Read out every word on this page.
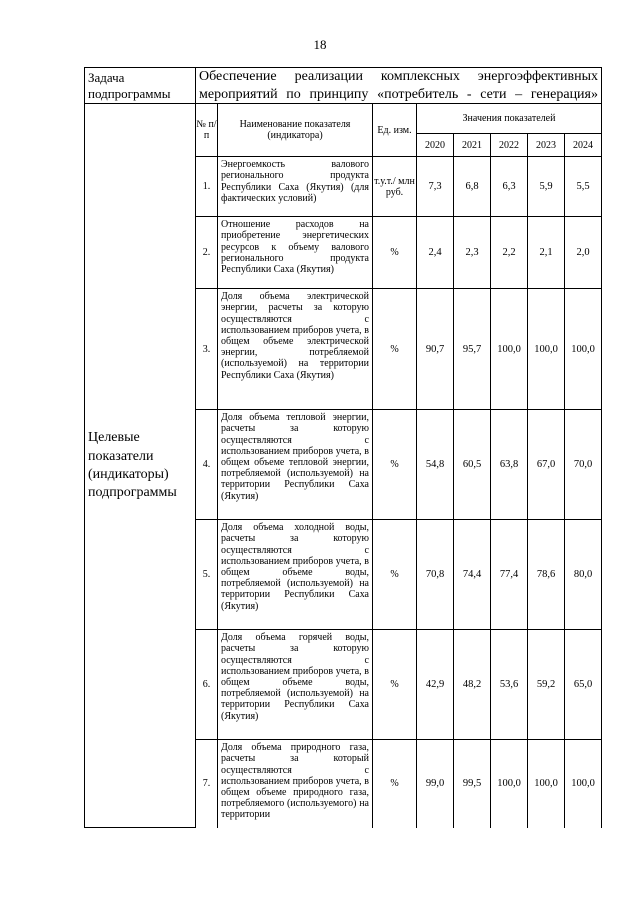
18
Задача подпрограммы	Обеспечение реализации комплексных энергоэффективных мероприятий по принципу «потребитель - сети – генерация»							
Целевые показатели (индикаторы) подпрограммы	№ п/п	Наименование показателя (индикатора)	Ед. изм.	Значения показателей				
				2020	2021	2022	2023	2024
	1.	Энергоемкость валового регионального продукта Республики Саха (Якутия) (для фактических условий)	т.у.т./ млн руб.	7,3	6,8	6,3	5,9	5,5
	2.	Отношение расходов на приобретение энергетических ресурсов к объему валового регионального продукта Республики Саха (Якутия)	%	2,4	2,3	2,2	2,1	2,0
	3.	Доля объема электрической энергии, расчеты за которую осуществляются с использованием приборов учета, в общем объеме электрической энергии, потребляемой (используемой) на территории Республики Саха (Якутия)	%	90,7	95,7	100,0	100,0	100,0
	4.	Доля объема тепловой энергии, расчеты за которую осуществляются с использованием приборов учета, в общем объеме тепловой энергии, потребляемой (используемой) на территории Республики Саха (Якутия)	%	54,8	60,5	63,8	67,0	70,0
	5.	Доля объема холодной воды, расчеты за которую осуществляются с использованием приборов учета, в общем объеме воды, потребляемой (используемой) на территории Республики Саха (Якутия)	%	70,8	74,4	77,4	78,6	80,0
	6.	Доля объема горячей воды, расчеты за которую осуществляются с использованием приборов учета, в общем объеме воды, потребляемой (используемой) на территории Республики Саха (Якутия)	%	42,9	48,2	53,6	59,2	65,0
	7.	Доля объема природного газа, расчеты за который осуществляются с использованием приборов учета, в общем объеме природного газа, потребляемого (используемого) на территории	%	99,0	99,5	100,0	100,0	100,0
